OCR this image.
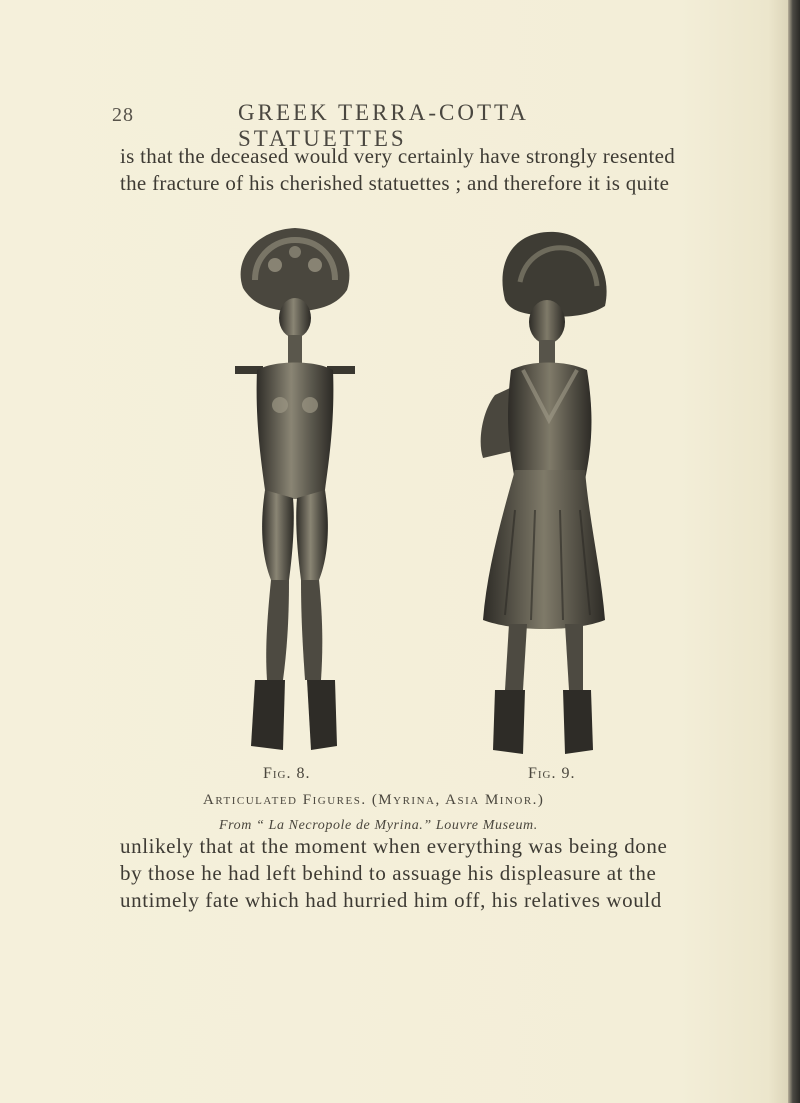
28	GREEK TERRA-COTTA STATUETTES
is that the deceased would very certainly have strongly resented
the fracture of his cherished statuettes ; and therefore it is quite
Fig. 8.	Fig. 9.
Articulated Figures. (Myrina, Asia Minor.)
From “ La Necropole de Myrina.” Louvre Museum.
unlikely that at the moment when everything was being done
by those he had left behind to assuage his displeasure at the
untimely fate which had hurried him off, his relatives would
